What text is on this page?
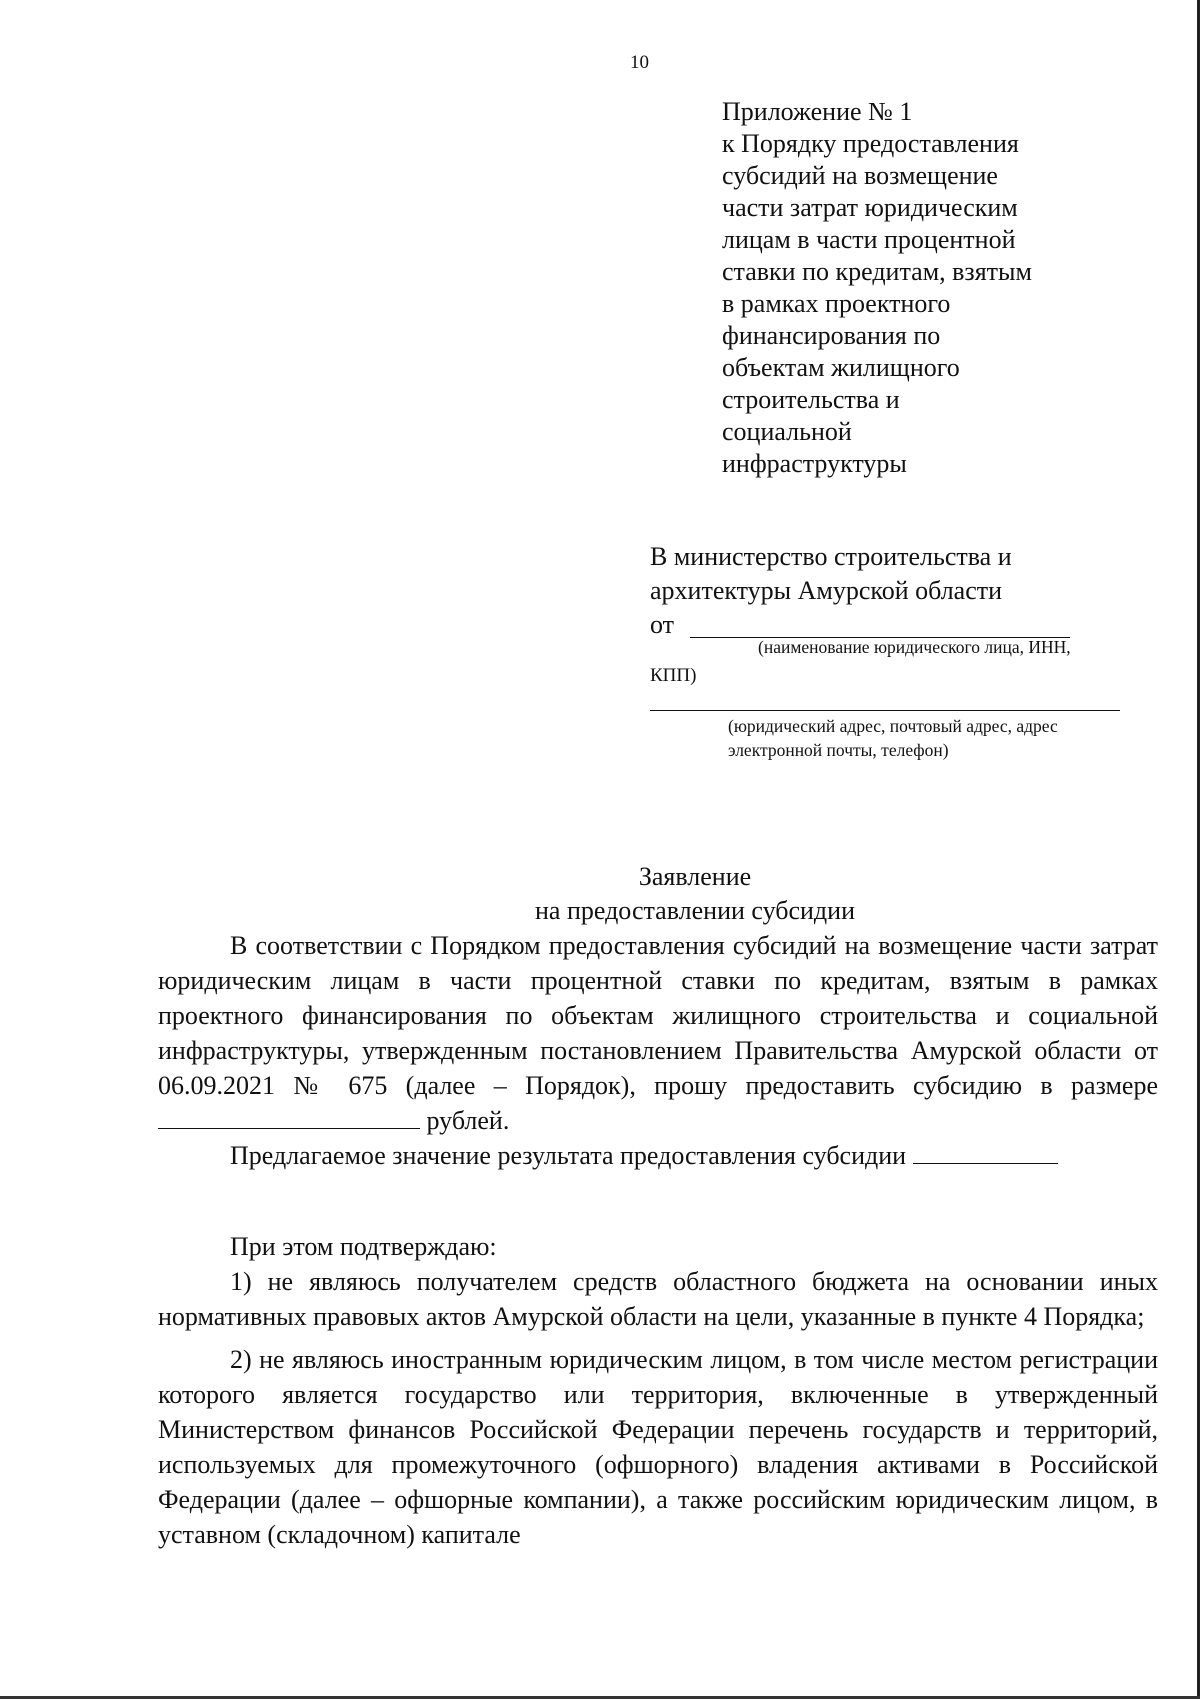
10
Приложение № 1
к Порядку предоставления
субсидий на возмещение
части затрат юридическим
лицам в части процентной
ставки по кредитам, взятым
в рамках проектного
финансирования по
объектам жилищного
строительства и
социальной
инфраструктуры
В министерство строительства и
архитектуры Амурской области
от
(наименование юридического лица, ИНН,
КПП)
(юридический адрес, почтовый адрес, адрес
электронной почты, телефон)
Заявление
на предоставлении субсидии

В соответствии с Порядком предоставления субсидий на возмещение части затрат юридическим лицам в части процентной ставки по кредитам, взятым в рамках проектного финансирования по объектам жилищного строительства и социальной инфраструктуры, утвержденным постановлением Правительства Амурской области от 06.09.2021 № 675 (далее – Порядок), прошу предоставить субсидию в размере  рублей.

Предлагаемое значение результата предоставления субсидии

При этом подтверждаю:

1) не являюсь получателем средств областного бюджета на основании иных нормативных правовых актов Амурской области на цели, указанные в пункте 4 Порядка;

2) не являюсь иностранным юридическим лицом, в том числе местом регистрации которого является государство или территория, включенные в утвержденный Министерством финансов Российской Федерации перечень государств и территорий, используемых для промежуточного (офшорного) владения активами в Российской Федерации (далее – офшорные компании), а также российским юридическим лицом, в уставном (складочном) капитале
